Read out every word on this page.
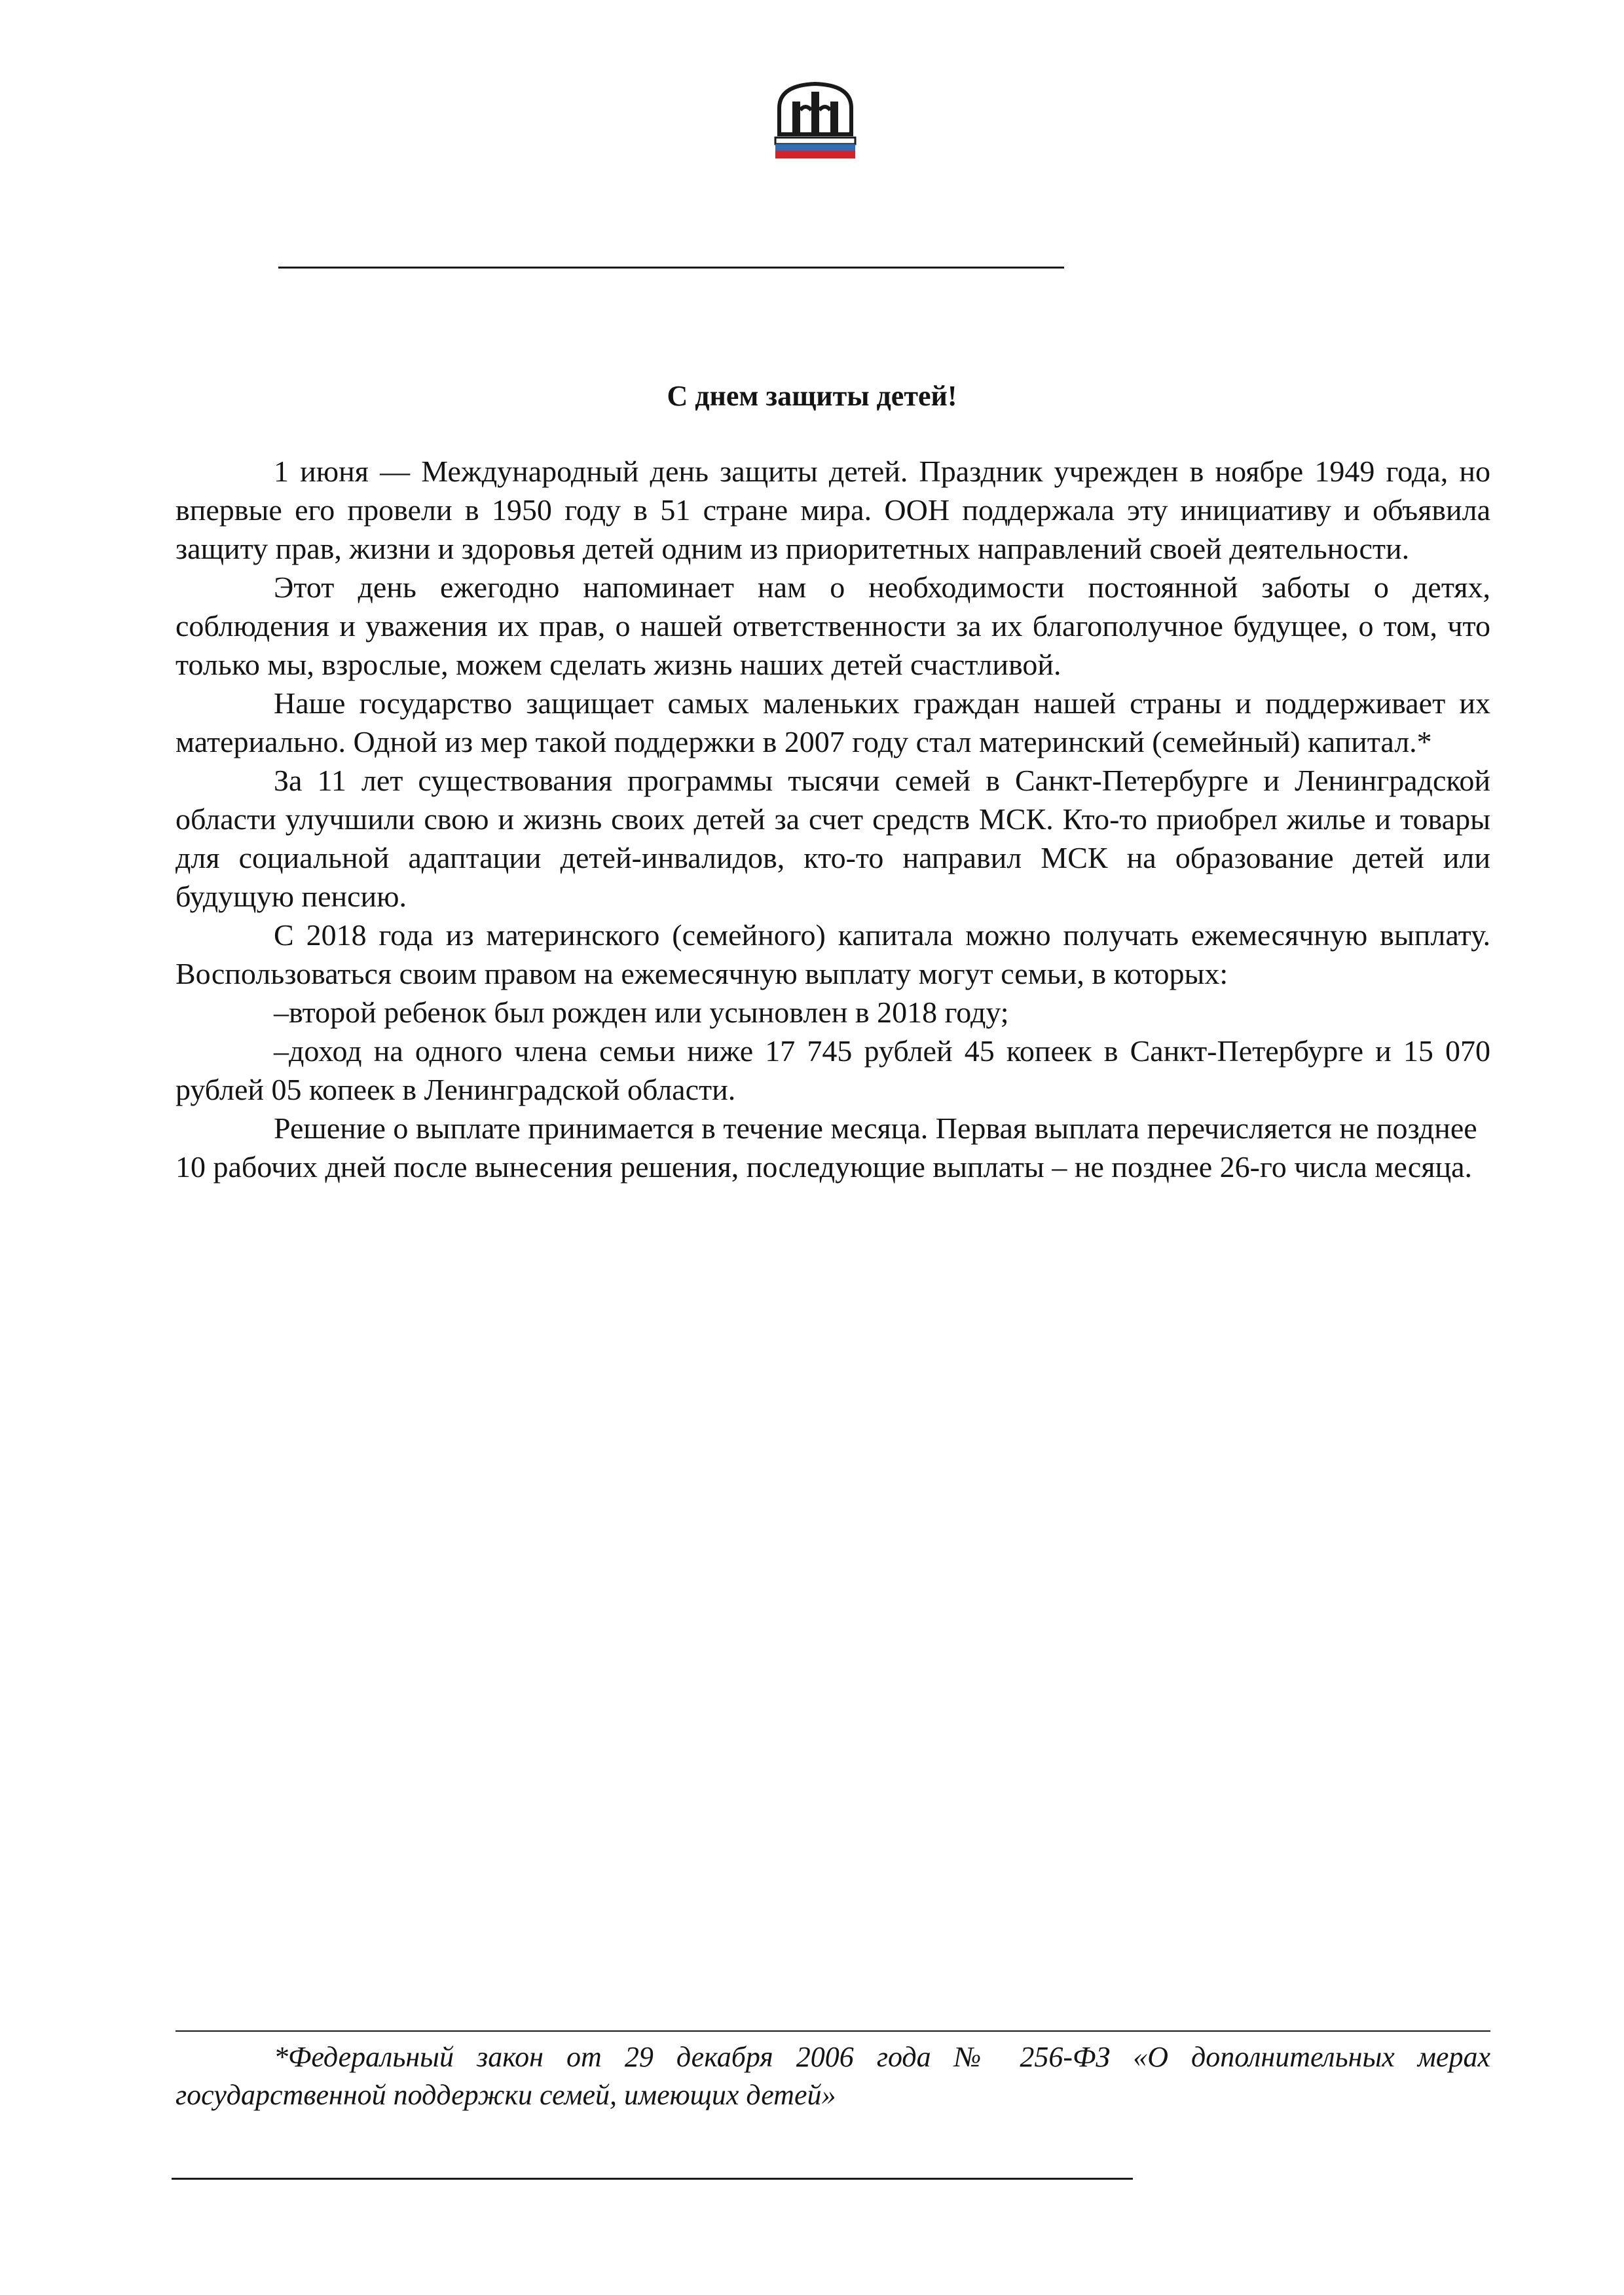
С днем защиты детей!

1 июня — Международный день защиты детей. Праздник учрежден в ноябре 1949 года, но впервые его провели в 1950 году в 51 стране мира. ООН поддержала эту инициативу и объявила защиту прав, жизни и здоровья детей одним из приоритетных направлений своей деятельности.

Этот день ежегодно напоминает нам о необходимости постоянной заботы о детях, соблюдения и уважения их прав, о нашей ответственности за их благополучное будущее, о том, что только мы, взрослые, можем сделать жизнь наших детей счастливой.

Наше государство защищает самых маленьких граждан нашей страны и поддерживает их материально. Одной из мер такой поддержки в 2007 году стал материнский (семейный) капитал.*

За 11 лет существования программы тысячи семей в Санкт-Петербурге и Ленинградской области улучшили свою и жизнь своих детей за счет средств МСК. Кто-то приобрел жилье и товары для социальной адаптации детей-инвалидов, кто-то направил МСК на образование детей или будущую пенсию.

С 2018 года из материнского (семейного) капитала можно получать ежемесячную выплату. Воспользоваться своим правом на ежемесячную выплату могут семьи, в которых:

–второй ребенок был рожден или усыновлен в 2018 году;

–доход на одного члена семьи ниже 17 745 рублей 45 копеек в Санкт-Петербурге и 15 070 рублей 05 копеек в Ленинградской области.

Решение о выплате принимается в течение месяца. Первая выплата перечисляется не позднее 10 рабочих дней после вынесения решения, последующие выплаты – не позднее 26-го числа месяца.

*Федеральный закон от 29 декабря 2006 года № 256-ФЗ «О дополнительных мерах государственной поддержки семей, имеющих детей»
